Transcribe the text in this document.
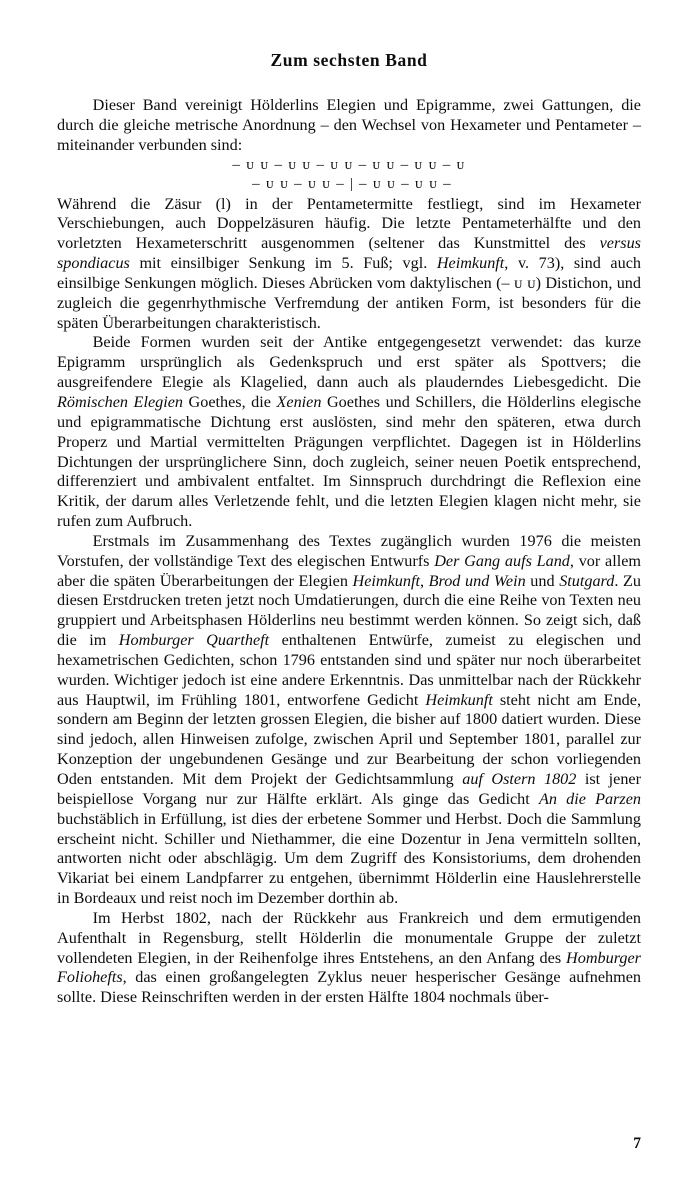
Zum sechsten Band

Dieser Band vereinigt Hölderlins Elegien und Epigramme, zwei Gattungen, die durch die gleiche metrische Anordnung – den Wechsel von Hexameter und Pentameter – miteinander verbunden sind:

– ᴜ ᴜ – ᴜ ᴜ – ᴜ ᴜ – ᴜ ᴜ – ᴜ ᴜ – ᴜ
– ᴜ ᴜ – ᴜ ᴜ – | – ᴜ ᴜ – ᴜ ᴜ –

Während die Zäsur (l) in der Pentametermitte festliegt, sind im Hexameter Verschiebungen, auch Doppelzäsuren häufig. Die letzte Pentameterhälfte und den vorletzten Hexameterschritt ausgenommen (seltener das Kunstmittel des versus spondiacus mit einsilbiger Senkung im 5. Fuß; vgl. Heimkunft, v. 73), sind auch einsilbige Senkungen möglich. Dieses Abrücken vom daktylischen (– ᴜ ᴜ) Distichon, und zugleich die gegenrhythmische Verfremdung der antiken Form, ist besonders für die späten Überarbeitungen charakteristisch.

Beide Formen wurden seit der Antike entgegengesetzt verwendet: das kurze Epigramm ursprünglich als Gedenkspruch und erst später als Spottvers; die ausgreifendere Elegie als Klagelied, dann auch als plauderndes Liebesgedicht. Die Römischen Elegien Goethes, die Xenien Goethes und Schillers, die Hölderlins elegische und epigrammatische Dichtung erst auslösten, sind mehr den späteren, etwa durch Properz und Martial vermittelten Prägungen verpflichtet. Dagegen ist in Hölderlins Dichtungen der ursprünglichere Sinn, doch zugleich, seiner neuen Poetik entsprechend, differenziert und ambivalent entfaltet. Im Sinnspruch durchdringt die Reflexion eine Kritik, der darum alles Verletzende fehlt, und die letzten Elegien klagen nicht mehr, sie rufen zum Aufbruch.

Erstmals im Zusammenhang des Textes zugänglich wurden 1976 die meisten Vorstufen, der vollständige Text des elegischen Entwurfs Der Gang aufs Land, vor allem aber die späten Überarbeitungen der Elegien Heimkunft, Brod und Wein und Stutgard. Zu diesen Erstdrucken treten jetzt noch Umdatierungen, durch die eine Reihe von Texten neu gruppiert und Arbeitsphasen Hölderlins neu bestimmt werden können. So zeigt sich, daß die im Homburger Quartheft enthaltenen Entwürfe, zumeist zu elegischen und hexametrischen Gedichten, schon 1796 entstanden sind und später nur noch überarbeitet wurden. Wichtiger jedoch ist eine andere Erkenntnis. Das unmittelbar nach der Rückkehr aus Hauptwil, im Frühling 1801, entworfene Gedicht Heimkunft steht nicht am Ende, sondern am Beginn der letzten grossen Elegien, die bisher auf 1800 datiert wurden. Diese sind jedoch, allen Hinweisen zufolge, zwischen April und September 1801, parallel zur Konzeption der ungebundenen Gesänge und zur Bearbeitung der schon vorliegenden Oden entstanden. Mit dem Projekt der Gedichtsammlung auf Ostern 1802 ist jener beispiellose Vorgang nur zur Hälfte erklärt. Als ginge das Gedicht An die Parzen buchstäblich in Erfüllung, ist dies der erbetene Sommer und Herbst. Doch die Sammlung erscheint nicht. Schiller und Niethammer, die eine Dozentur in Jena vermitteln sollten, antworten nicht oder abschlägig. Um dem Zugriff des Konsistoriums, dem drohenden Vikariat bei einem Landpfarrer zu entgehen, übernimmt Hölderlin eine Hauslehrerstelle in Bordeaux und reist noch im Dezember dorthin ab.

Im Herbst 1802, nach der Rückkehr aus Frankreich und dem ermutigenden Aufenthalt in Regensburg, stellt Hölderlin die monumentale Gruppe der zuletzt vollendeten Elegien, in der Reihenfolge ihres Entstehens, an den Anfang des Homburger Foliohefts, das einen großangelegten Zyklus neuer hesperischer Gesänge aufnehmen sollte. Diese Reinschriften werden in der ersten Hälfte 1804 nochmals über-

7
